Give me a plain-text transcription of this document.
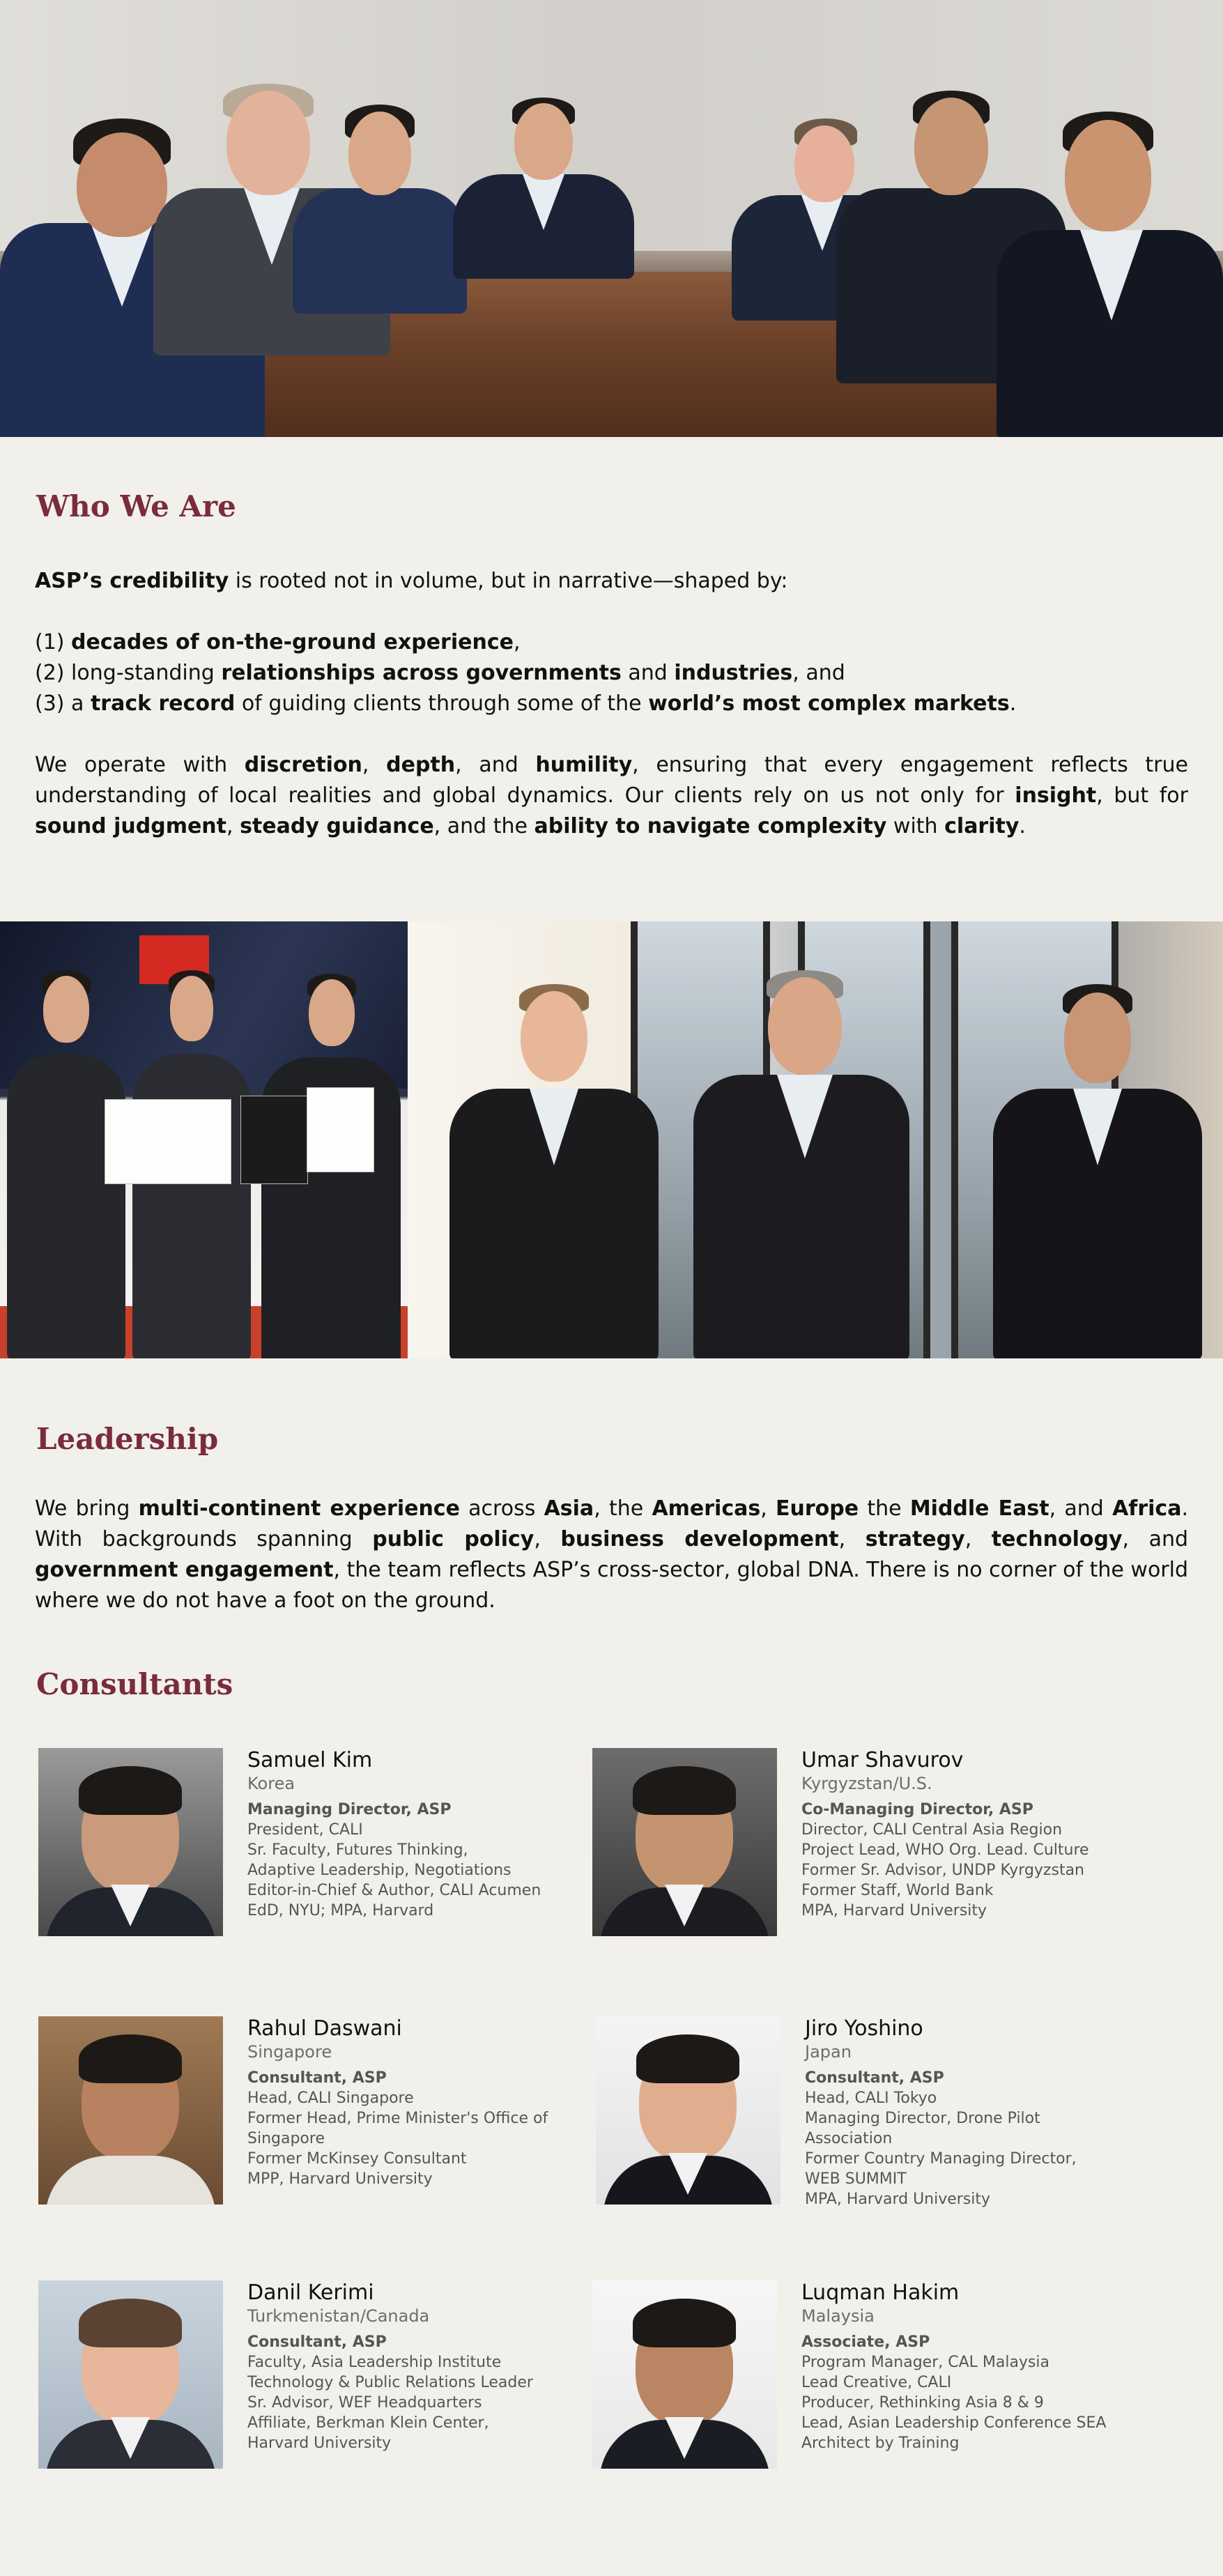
Who We Are

ASP’s credibility is rooted not in volume, but in narrative—shaped by:

(1) decades of on-the-ground experience,
(2) long-standing relationships across governments and industries, and
(3) a track record of guiding clients through some of the world’s most complex markets.

We operate with discretion, depth, and humility, ensuring that every engagement reflects true understanding of local realities and global dynamics. Our clients rely on us not only for insight, but for sound judgment, steady guidance, and the ability to navigate complexity with clarity.

Leadership

We bring multi-continent experience across Asia, the Americas, Europe the Middle East, and Africa. With backgrounds spanning public policy, business development, strategy, technology, and government engagement, the team reflects ASP’s cross-sector, global DNA. There is no corner of the world where we do not have a foot on the ground.

Consultants
Samuel Kim
Korea
Managing Director, ASP
President, CALI
Sr. Faculty, Futures Thinking,
Adaptive Leadership, Negotiations
Editor-in-Chief & Author, CALI Acumen
EdD, NYU; MPA, Harvard
Umar Shavurov
Kyrgyzstan/U.S.
Co-Managing Director, ASP
Director, CALI Central Asia Region
Project Lead, WHO Org. Lead. Culture
Former Sr. Advisor, UNDP Kyrgyzstan
Former Staff, World Bank
MPA, Harvard University
Rahul Daswani
Singapore
Consultant, ASP
Head, CALI Singapore
Former Head, Prime Minister's Office of
Singapore
Former McKinsey Consultant
MPP, Harvard University
Jiro Yoshino
Japan
Consultant, ASP
Head, CALI Tokyo
Managing Director, Drone Pilot Association
Former Country Managing Director,
WEB SUMMIT
MPA, Harvard University
Danil Kerimi
Turkmenistan/Canada
Consultant, ASP
Faculty, Asia Leadership Institute
Technology & Public Relations Leader
Sr. Advisor, WEF Headquarters
Affiliate, Berkman Klein Center,
Harvard University
Luqman Hakim
Malaysia
Associate, ASP
Program Manager, CAL Malaysia
Lead Creative, CALI
Producer, Rethinking Asia 8 & 9
Lead, Asian Leadership Conference SEA
Architect by Training
